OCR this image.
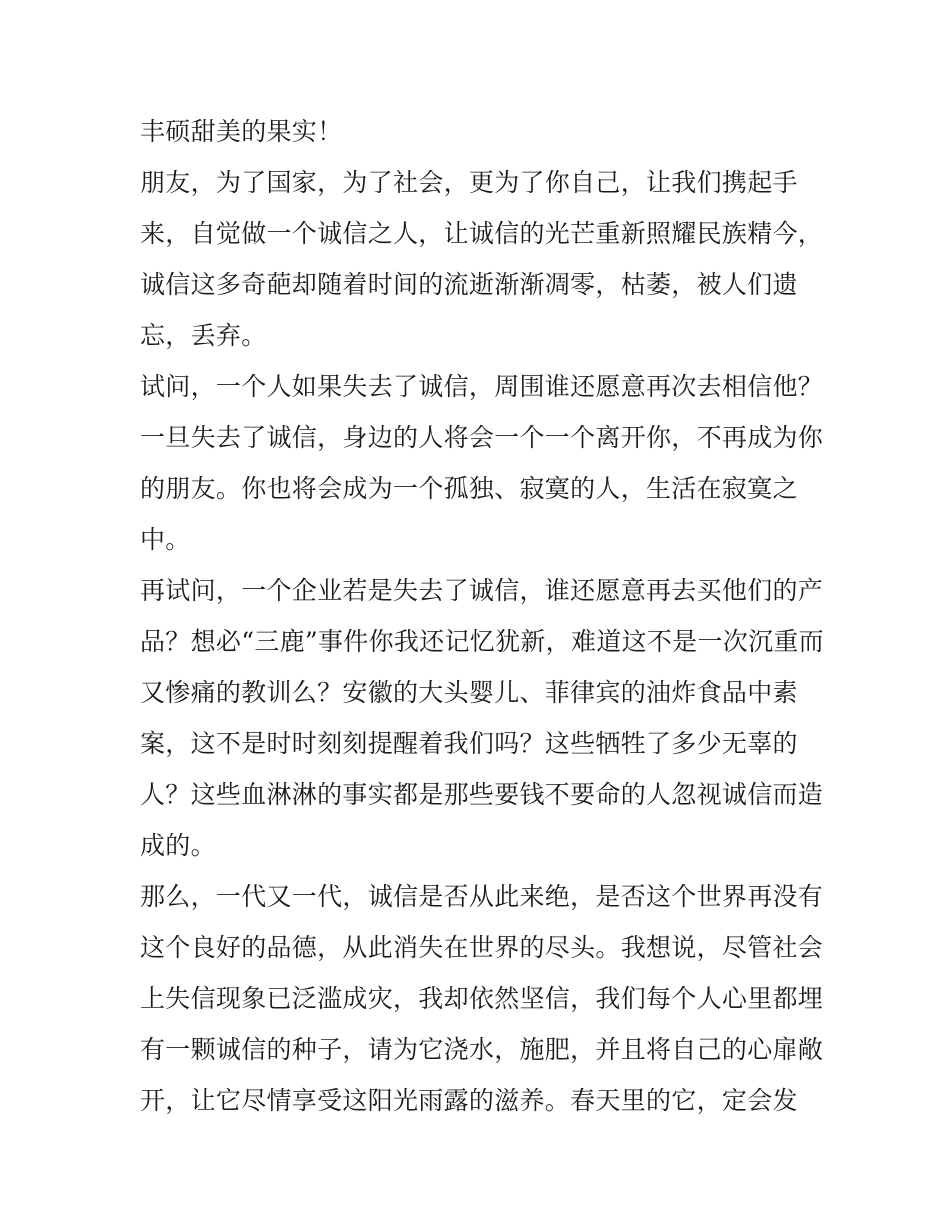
丰硕甜美的果实！
朋友，为了国家，为了社会，更为了你自己，让我们携起手
来，自觉做一个诚信之人，让诚信的光芒重新照耀民族精今，
诚信这多奇葩却随着时间的流逝渐渐凋零，枯萎，被人们遗
忘，丢弃。
试问，一个人如果失去了诚信，周围谁还愿意再次去相信他？
一旦失去了诚信，身边的人将会一个一个离开你，不再成为你
的朋友。你也将会成为一个孤独、寂寞的人，生活在寂寞之
中。
再试问，一个企业若是失去了诚信，谁还愿意再去买他们的产
品？想必“三鹿”事件你我还记忆犹新，难道这不是一次沉重而
又惨痛的教训么？安徽的大头婴儿、菲律宾的油炸食品中素
案，这不是时时刻刻提醒着我们吗？这些牺牲了多少无辜的
人？这些血淋淋的事实都是那些要钱不要命的人忽视诚信而造
成的。
那么，一代又一代，诚信是否从此来绝，是否这个世界再没有
这个良好的品德，从此消失在世界的尽头。我想说，尽管社会
上失信现象已泛滥成灾，我却依然坚信，我们每个人心里都埋
有一颗诚信的种子，请为它浇水，施肥，并且将自己的心扉敞
开，让它尽情享受这阳光雨露的滋养。春天里的它，定会发
